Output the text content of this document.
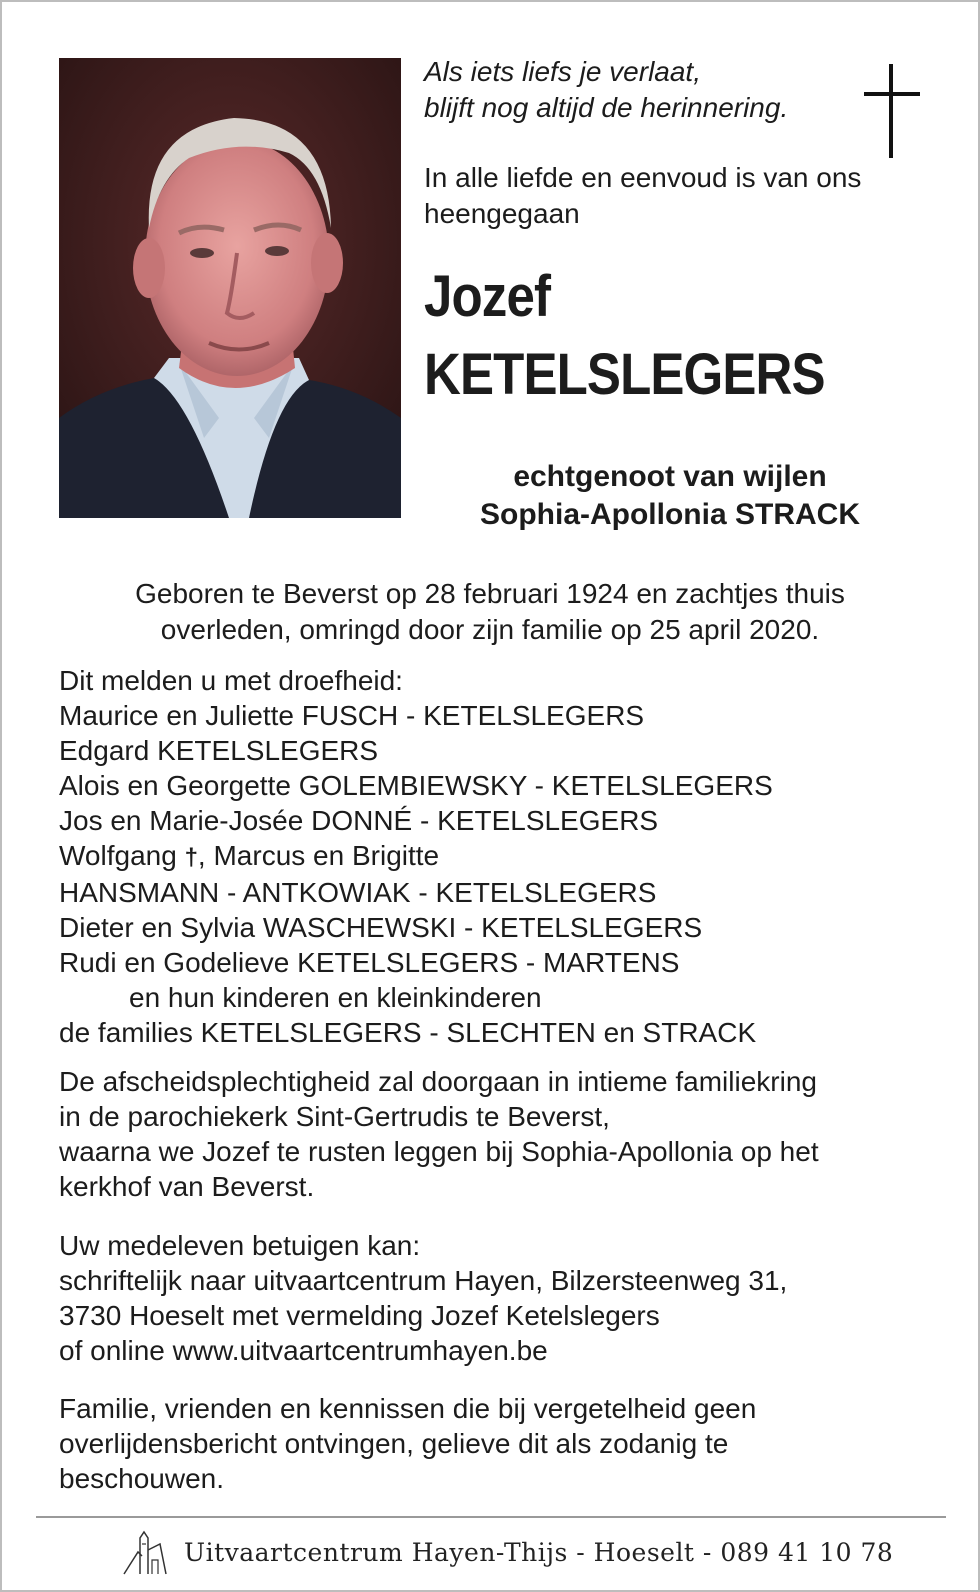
Als iets liefs je verlaat,
blijft nog altijd de herinnering.
In alle liefde en eenvoud is van ons
heengegaan
Jozef
KETELSLEGERS
echtgenoot van wijlen
Sophia-Apollonia STRACK
Geboren te Beverst op 28 februari 1924 en zachtjes thuis
overleden, omringd door zijn familie op 25 april 2020.
Dit melden u met droefheid:
Maurice en Juliette FUSCH - KETELSLEGERS
Edgard KETELSLEGERS
Alois en Georgette GOLEMBIEWSKY - KETELSLEGERS
Jos en Marie-Josée DONNÉ - KETELSLEGERS
Wolfgang †, Marcus en Brigitte
HANSMANN - ANTKOWIAK - KETELSLEGERS
Dieter en Sylvia WASCHEWSKI - KETELSLEGERS
Rudi en Godelieve KETELSLEGERS - MARTENS
en hun kinderen en kleinkinderen
de families KETELSLEGERS - SLECHTEN en STRACK
De afscheidsplechtigheid zal doorgaan in intieme familiekring
in de parochiekerk Sint-Gertrudis te Beverst,
waarna we Jozef te rusten leggen bij Sophia-Apollonia op het
kerkhof van Beverst.
Uw medeleven betuigen kan:
schriftelijk naar uitvaartcentrum Hayen, Bilzersteenweg 31,
3730 Hoeselt met vermelding Jozef Ketelslegers
of online www.uitvaartcentrumhayen.be
Familie, vrienden en kennissen die bij vergetelheid geen
overlijdensbericht ontvingen, gelieve dit als zodanig te
beschouwen.
Uitvaartcentrum Hayen-Thijs - Hoeselt - 089 41 10 78
